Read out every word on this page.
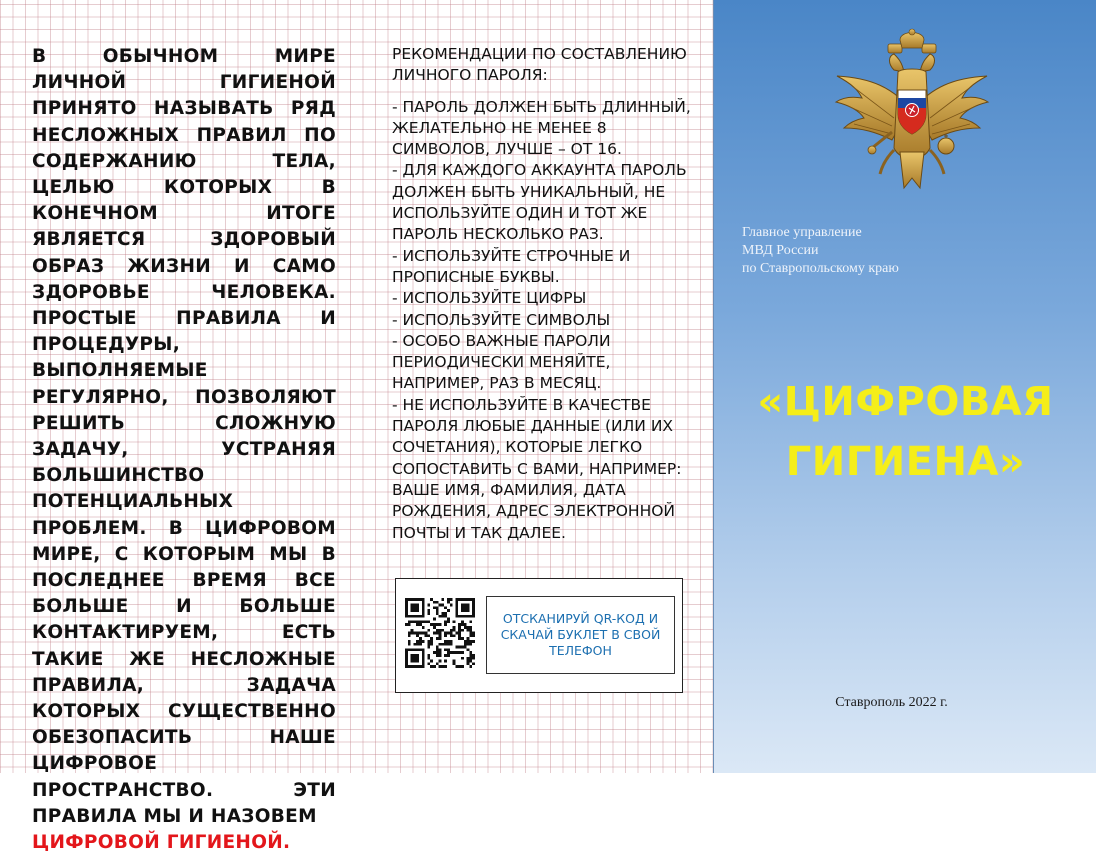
В ОБЫЧНОМ МИРЕ ЛИЧНОЙ ГИГИЕНОЙ ПРИНЯТО НАЗЫВАТЬ РЯД НЕСЛОЖНЫХ ПРАВИЛ ПО СОДЕРЖАНИЮ ТЕЛА, ЦЕЛЬЮ КОТОРЫХ В КОНЕЧНОМ ИТОГЕ ЯВЛЯЕТСЯ ЗДОРОВЫЙ ОБРАЗ ЖИЗНИ И САМО ЗДОРОВЬЕ ЧЕЛОВЕКА. ПРОСТЫЕ ПРАВИЛА И ПРОЦЕДУРЫ, ВЫПОЛНЯЕМЫЕ РЕГУЛЯРНО, ПОЗВОЛЯЮТ РЕШИТЬ СЛОЖНУЮ ЗАДАЧУ, УСТРАНЯЯ БОЛЬШИНСТВО ПОТЕНЦИАЛЬНЫХ ПРОБЛЕМ. В ЦИФРОВОМ МИРЕ, С КОТОРЫМ МЫ В ПОСЛЕДНЕЕ ВРЕМЯ ВСЕ БОЛЬШЕ И БОЛЬШЕ КОНТАКТИРУЕМ, ЕСТЬ ТАКИЕ ЖЕ НЕСЛОЖНЫЕ ПРАВИЛА, ЗАДАЧА КОТОРЫХ СУЩЕСТВЕННО ОБЕЗОПАСИТЬ НАШЕ ЦИФРОВОЕ ПРОСТРАНСТВО. ЭТИ ПРАВИЛА МЫ И НАЗОВЕМ
ЦИФРОВОЙ ГИГИЕНОЙ.
РЕКОМЕНДАЦИИ ПО СОСТАВЛЕНИЮ ЛИЧНОГО ПАРОЛЯ:
- ПАРОЛЬ ДОЛЖЕН БЫТЬ ДЛИННЫЙ, ЖЕЛАТЕЛЬНО НЕ МЕНЕЕ 8 СИМВОЛОВ, ЛУЧШЕ – ОТ 16.
- ДЛЯ КАЖДОГО АККАУНТА ПАРОЛЬ ДОЛЖЕН БЫТЬ УНИКАЛЬНЫЙ, НЕ ИСПОЛЬЗУЙТЕ ОДИН И ТОТ ЖЕ ПАРОЛЬ НЕСКОЛЬКО РАЗ.
- ИСПОЛЬЗУЙТЕ СТРОЧНЫЕ И ПРОПИСНЫЕ БУКВЫ.
- ИСПОЛЬЗУЙТЕ ЦИФРЫ
- ИСПОЛЬЗУЙТЕ СИМВОЛЫ
- ОСОБО ВАЖНЫЕ ПАРОЛИ ПЕРИОДИЧЕСКИ МЕНЯЙТЕ, НАПРИМЕР, РАЗ В МЕСЯЦ.
- НЕ ИСПОЛЬЗУЙТЕ В КАЧЕСТВЕ ПАРОЛЯ ЛЮБЫЕ ДАННЫЕ (ИЛИ ИХ СОЧЕТАНИЯ), КОТОРЫЕ ЛЕГКО СОПОСТАВИТЬ С ВАМИ, НАПРИМЕР: ВАШЕ ИМЯ, ФАМИЛИЯ, ДАТА РОЖДЕНИЯ, АДРЕС ЭЛЕКТРОННОЙ ПОЧТЫ И ТАК ДАЛЕЕ.
ОТСКАНИРУЙ QR-КОД И СКАЧАЙ БУКЛЕТ В СВОЙ ТЕЛЕФОН
Главное управление
МВД России
по Ставропольскому краю
«ЦИФРОВАЯ
ГИГИЕНА»
Ставрополь 2022 г.
